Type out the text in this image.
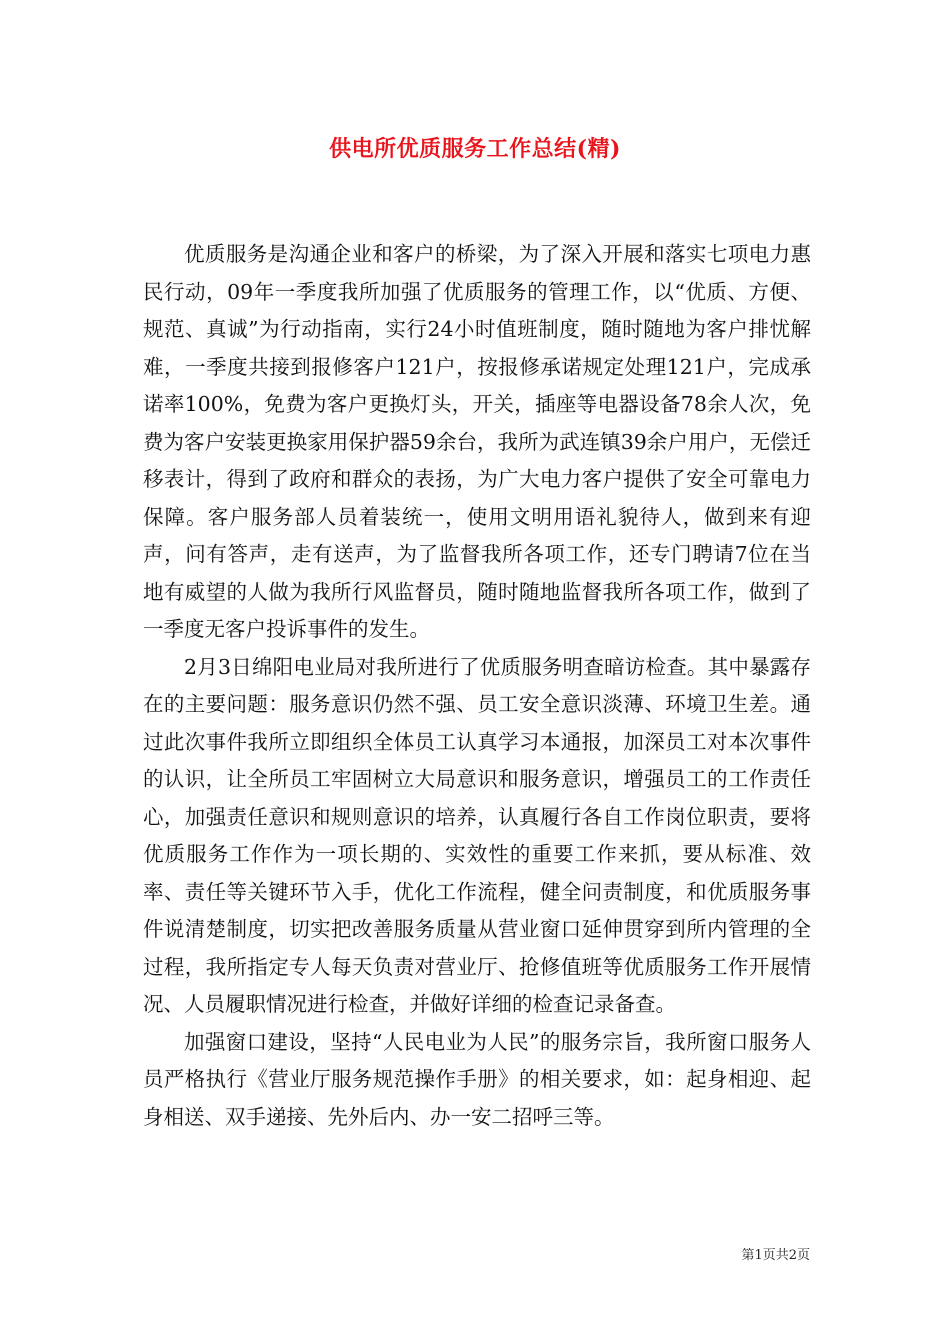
供电所优质服务工作总结(精)

优质服务是沟通企业和客户的桥梁，为了深入开展和落实七项电力惠民行动，09年一季度我所加强了优质服务的管理工作，以“优质、方便、规范、真诚”为行动指南，实行24小时值班制度，随时随地为客户排忧解难，一季度共接到报修客户121户，按报修承诺规定处理121户，完成承诺率100%，免费为客户更换灯头，开关，插座等电器设备78余人次，免费为客户安装更换家用保护器59余台，我所为武连镇39余户用户，无偿迁移表计，得到了政府和群众的表扬，为广大电力客户提供了安全可靠电力保障。客户服务部人员着装统一，使用文明用语礼貌待人，做到来有迎声，问有答声，走有送声，为了监督我所各项工作，还专门聘请7位在当地有威望的人做为我所行风监督员，随时随地监督我所各项工作，做到了一季度无客户投诉事件的发生。

2月3日绵阳电业局对我所进行了优质服务明查暗访检查。其中暴露存在的主要问题：服务意识仍然不强、员工安全意识淡薄、环境卫生差。通过此次事件我所立即组织全体员工认真学习本通报，加深员工对本次事件的认识，让全所员工牢固树立大局意识和服务意识，增强员工的工作责任心，加强责任意识和规则意识的培养，认真履行各自工作岗位职责，要将优质服务工作作为一项长期的、实效性的重要工作来抓，要从标准、效率、责任等关键环节入手，优化工作流程，健全问责制度，和优质服务事件说清楚制度，切实把改善服务质量从营业窗口延伸贯穿到所内管理的全过程，我所指定专人每天负责对营业厅、抢修值班等优质服务工作开展情况、人员履职情况进行检查，并做好详细的检查记录备查。

加强窗口建设，坚持“人民电业为人民”的服务宗旨，我所窗口服务人员严格执行《营业厅服务规范操作手册》的相关要求，如：起身相迎、起身相送、双手递接、先外后内、办一安二招呼三等。

第1页共2页
